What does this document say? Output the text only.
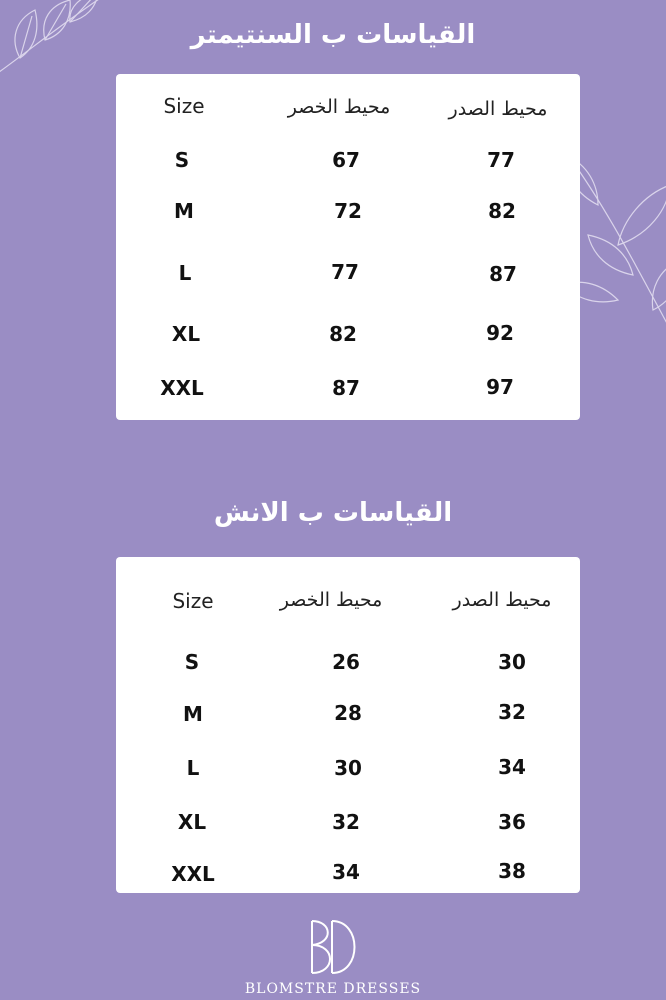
القياسات ب السنتيمتر
Size	محيط الخصر	محيط الصدر
S	67	77
M	72	82
L	77	87
XL	82	92
XXL	87	97
القياسات ب الانش
Size	محيط الخصر	محيط الصدر
S	26	30
M	28	32
L	30	34
XL	32	36
XXL	34	38
BLOMSTRE DRESSES
